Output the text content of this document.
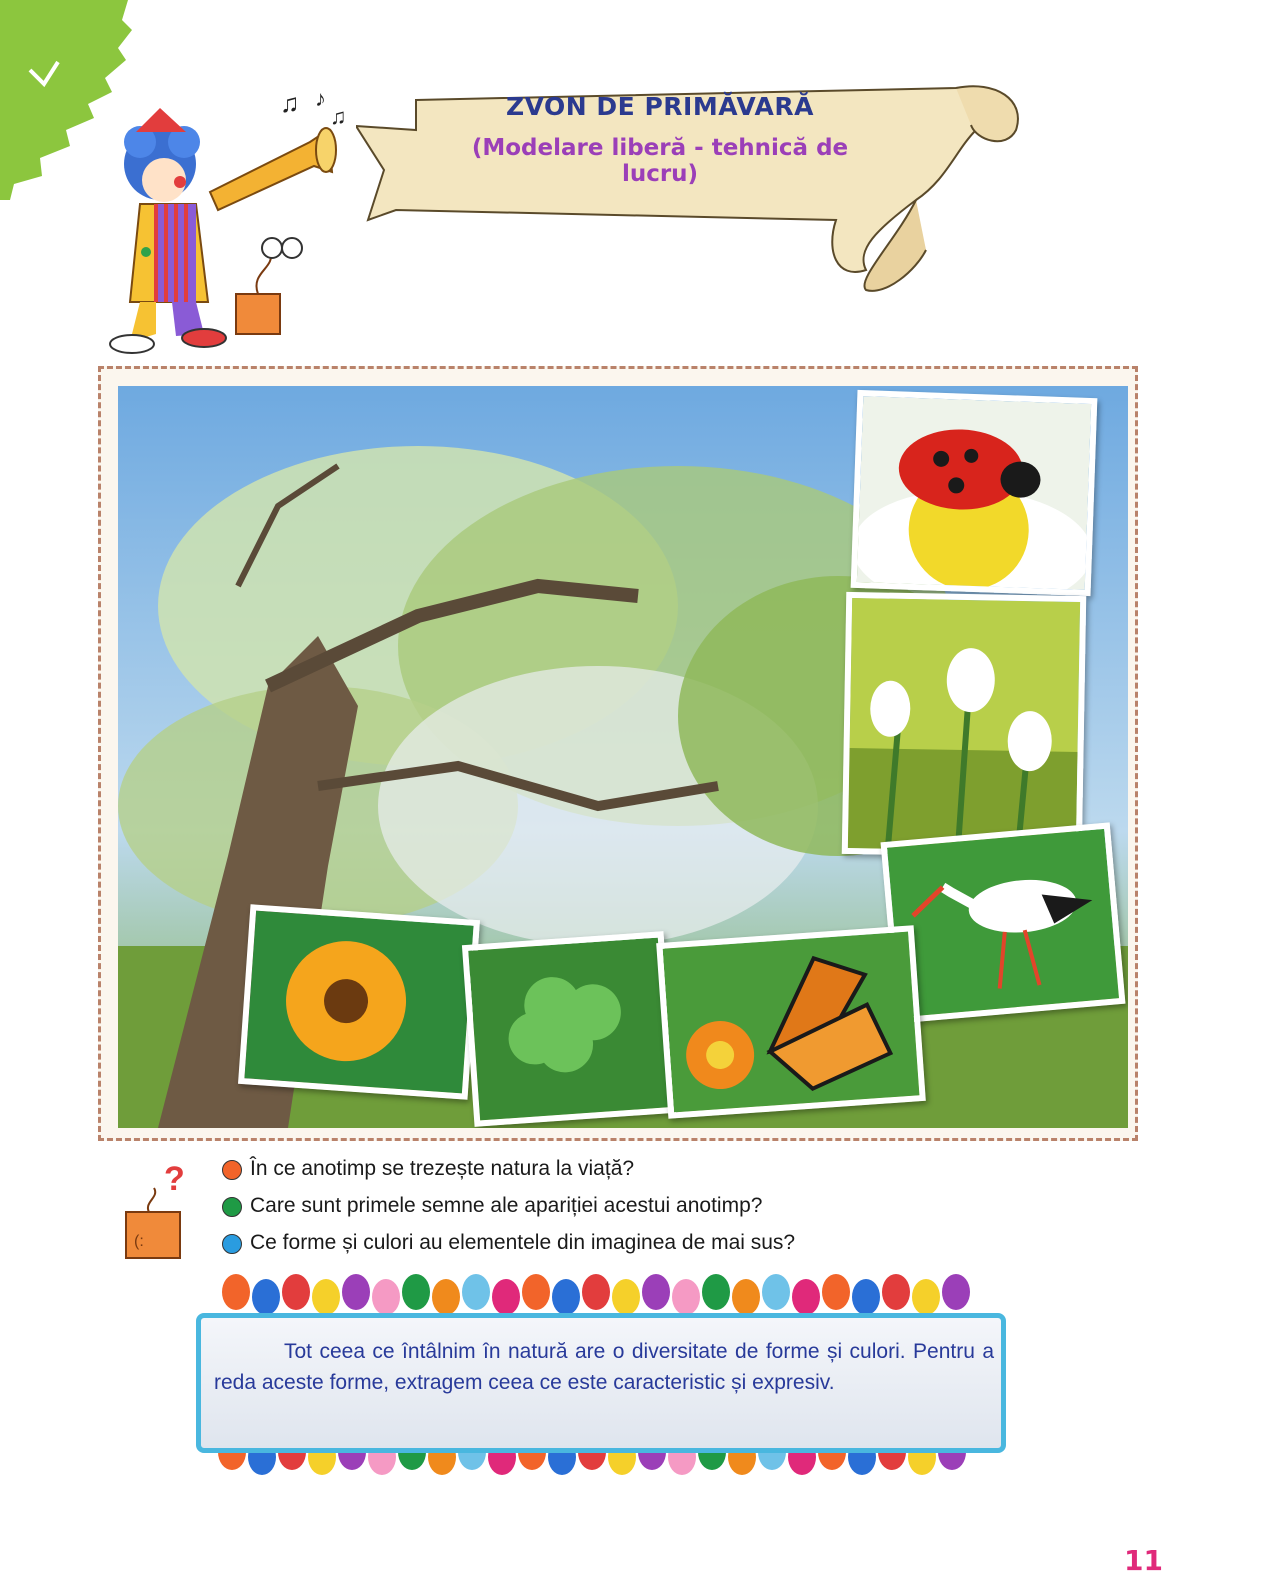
♫ ♪
♫	ZVON DE PRIMĂVARĂ
(Modelare liberă - tehnică de lucru)
?
(:
În ce anotimp se trezește natura la viață?
Care sunt primele semne ale apariției acestui anotimp?
Ce forme și culori au elementele din imaginea de mai sus?
Tot ceea ce întâlnim în natură are o diversitate de forme și culori. Pentru a reda aceste forme, extragem ceea ce este caracteristic și expresiv.
11
